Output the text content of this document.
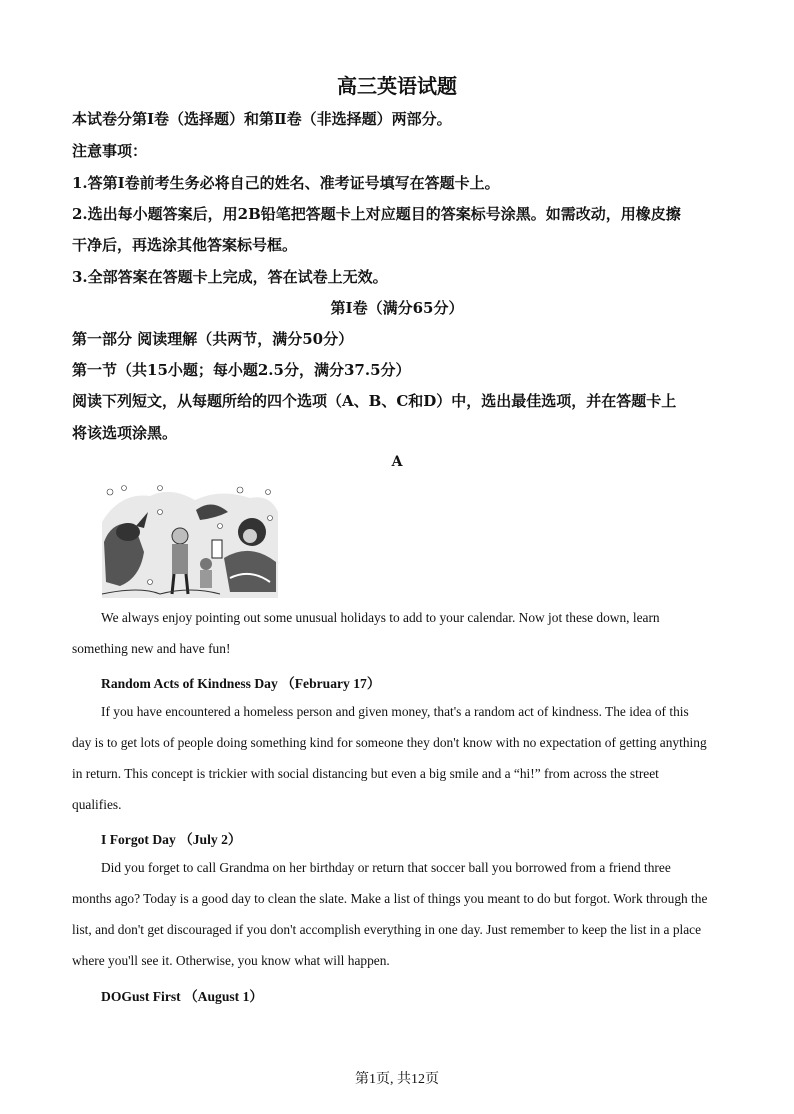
高三英语试题
本试卷分第Ⅰ卷（选择题）和第Ⅱ卷（非选择题）两部分。
注意事项：
1.答第Ⅰ卷前考生务必将自己的姓名、准考证号填写在答题卡上。
2.选出每小题答案后，用2B铅笔把答题卡上对应题目的答案标号涂黑。如需改动，用橡皮擦
干净后，再选涂其他答案标号框。
3.全部答案在答题卡上完成，答在试卷上无效。
第Ⅰ卷（满分65分）
第一部分 阅读理解（共两节，满分50分）
第一节（共15小题；每小题2.5分，满分37.5分）
阅读下列短文，从每题所给的四个选项（A、B、C和D）中，选出最佳选项，并在答题卡上
将该选项涂黑。
A
We always enjoy pointing out some unusual holidays to add to your calendar. Now jot these down, learn
something new and have fun!
Random Acts of Kindness Day （February 17）
If you have encountered a homeless person and given money, that's a random act of kindness. The idea of this
day is to get lots of people doing something kind for someone they don't know with no expectation of getting anything
in return. This concept is trickier with social distancing but even a big smile and a “hi!” from across the street
qualifies.
I Forgot Day （July 2）
Did you forget to call Grandma on her birthday or return that soccer ball you borrowed from a friend three
months ago? Today is a good day to clean the slate. Make a list of things you meant to do but forgot. Work through the
list, and don't get discouraged if you don't accomplish everything in one day. Just remember to keep the list in a place
where you'll see it. Otherwise, you know what will happen.
DOGust First （August 1）
第1页, 共12页
